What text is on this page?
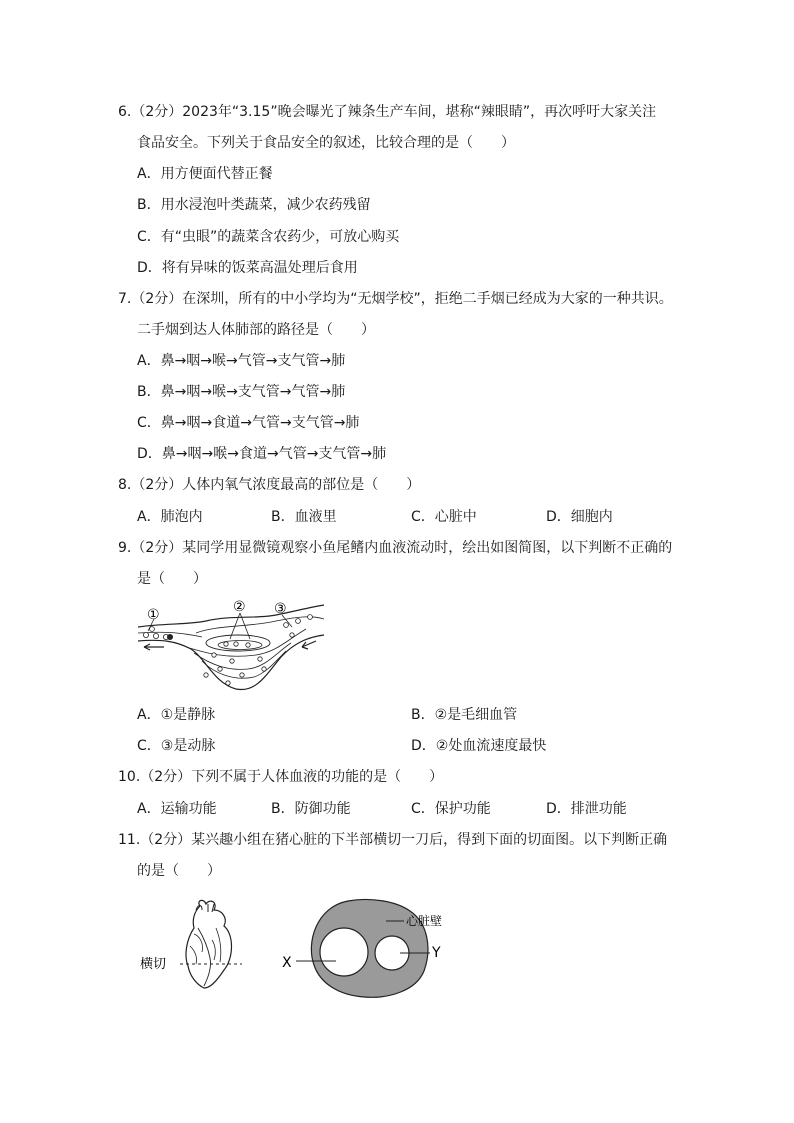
6.（2分）2023年“3.15”晚会曝光了辣条生产车间，堪称“辣眼睛”，再次呼吁大家关注
食品安全。下列关于食品安全的叙述，比较合理的是（　　）
A．用方便面代替正餐
B．用水浸泡叶类蔬菜，减少农药残留
C．有“虫眼”的蔬菜含农药少，可放心购买
D．将有异味的饭菜高温处理后食用
7.（2分）在深圳，所有的中小学均为“无烟学校”，拒绝二手烟已经成为大家的一种共识。
二手烟到达人体肺部的路径是（　　）
A．鼻→咽→喉→气管→支气管→肺
B．鼻→咽→喉→支气管→气管→肺
C．鼻→咽→食道→气管→支气管→肺
D．鼻→咽→喉→食道→气管→支气管→肺
8.（2分）人体内氧气浓度最高的部位是（　　）
A．肺泡内	B．血液里	C．心脏中	D．细胞内
9.（2分）某同学用显微镜观察小鱼尾鳍内血液流动时，绘出如图简图，以下判断不正确的
是（　　）
①	② ③
A．①是静脉	B．②是毛细血管
C．③是动脉	D．②处血流速度最快
10.（2分）下列不属于人体血液的功能的是（　　）
A．运输功能	B．防御功能	C．保护功能	D．排泄功能
11.（2分）某兴趣小组在猪心脏的下半部横切一刀后，得到下面的切面图。以下判断正确
的是（　　）
横切
心脏壁
X
Y
